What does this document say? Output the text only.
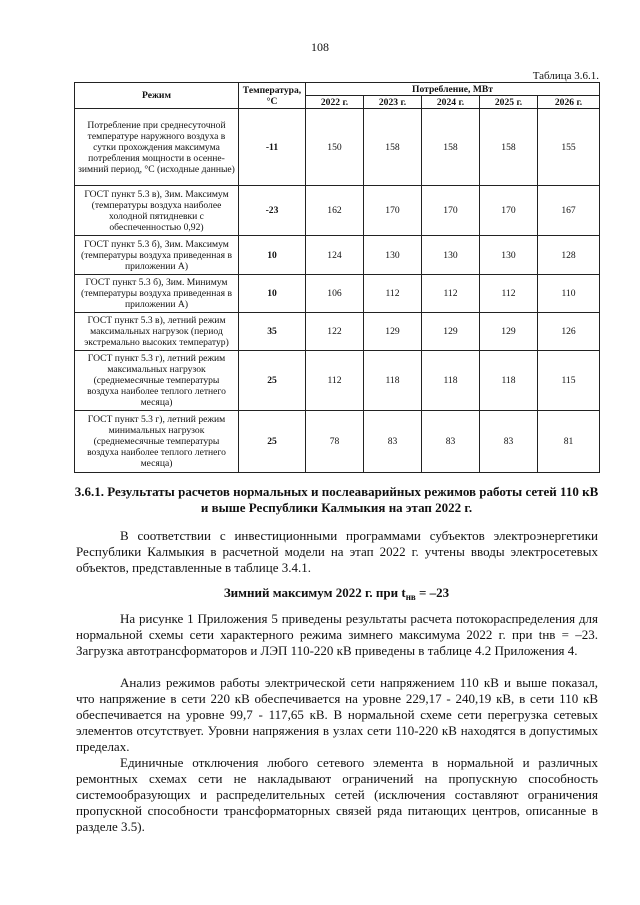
108
Таблица 3.6.1.
Режим	Температура, °С	Потребление, МВт				
		2022 г.	2023 г.	2024 г.	2025 г.	2026 г.
Потребление при среднесуточной температуре наружного воздуха в сутки прохождения максимума потребления мощности в осенне-зимний период, °С (исходные данные)	-11	150	158	158	158	155
ГОСТ пункт 5.3 в), Зим. Максимум (температуры воздуха наиболее холодной пятидневки с обеспеченностью 0,92)	-23	162	170	170	170	167
ГОСТ пункт 5.3 б), Зим. Максимум (температуры воздуха приведенная в приложении А)	10	124	130	130	130	128
ГОСТ пункт 5.3 б), Зим. Минимум (температуры воздуха приведенная в приложении А)	10	106	112	112	112	110
ГОСТ пункт 5.3 в), летний режим максимальных нагрузок (период экстремально высоких температур)	35	122	129	129	129	126
ГОСТ пункт 5.3 г), летний режим максимальных нагрузок (среднемесячные температуры воздуха наиболее теплого летнего месяца)	25	112	118	118	118	115
ГОСТ пункт 5.3 г), летний режим минимальных нагрузок (среднемесячные температуры воздуха наиболее теплого летнего месяца)	25	78	83	83	83	81
3.6.1. Результаты расчетов нормальных и послеаварийных режимов работы сетей 110 кВ и выше Республики Калмыкия на этап 2022 г.

В соответствии с инвестиционными программами субъектов электроэнергетики Республики Калмыкия в расчетной модели на этап 2022 г. учтены вводы электросетевых объектов, представленные в таблице 3.4.1.

Зимний максимум 2022 г. при $t_{нв} = -23$

На рисунке 1 Приложения 5 приведены результаты расчета потокораспределения для нормальной схемы сети характерного режима зимнего максимума 2022 г. при tнв = –23. Загрузка автотрансформаторов и ЛЭП 110-220 кВ приведены в таблице 4.2 Приложения 4.

Анализ режимов работы электрической сети напряжением 110 кВ и выше показал, что напряжение в сети 220 кВ обеспечивается на уровне 229,17 - 240,19 кВ, в сети 110 кВ обеспечивается на уровне 99,7 - 117,65 кВ. В нормальной схеме сети перегрузка сетевых элементов отсутствует. Уровни напряжения в узлах сети 110-220 кВ находятся в допустимых пределах.

Единичные отключения любого сетевого элемента в нормальной и различных ремонтных схемах сети не накладывают ограничений на пропускную способность системообразующих и распределительных сетей (исключения составляют ограничения пропускной способности трансформаторных связей ряда питающих центров, описанные в разделе 3.5).
